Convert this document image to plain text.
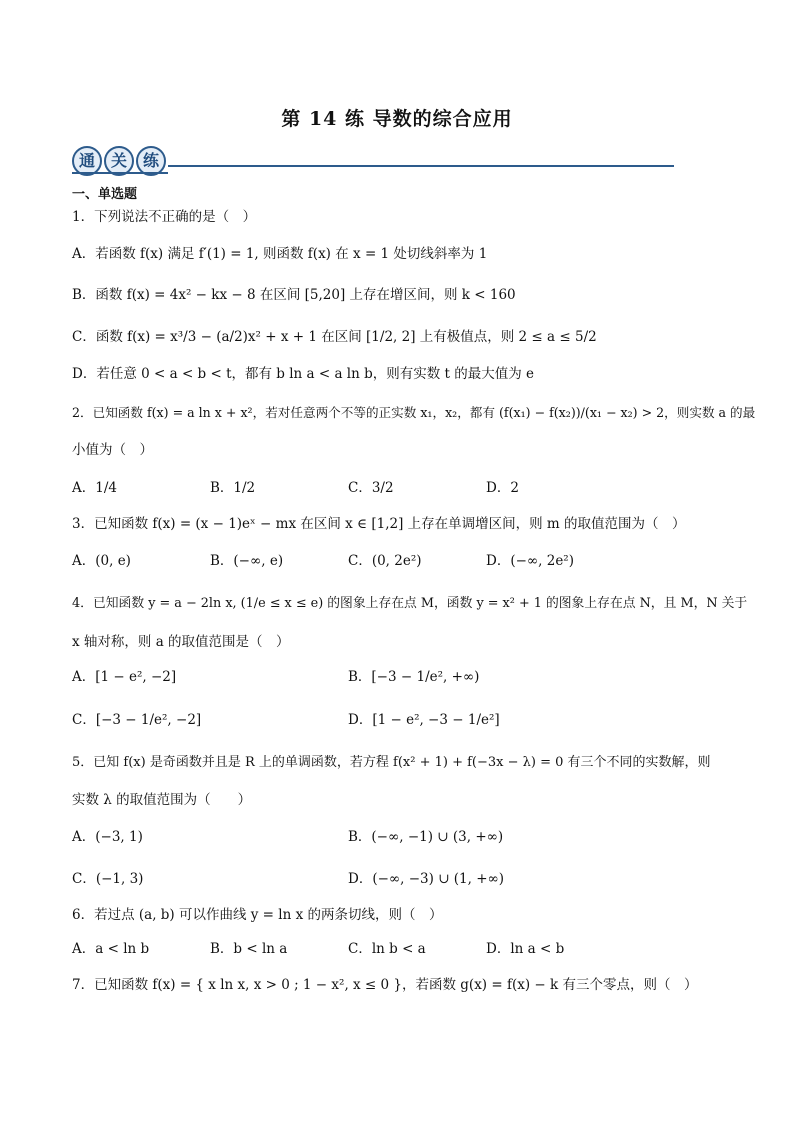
第 14 练 导数的综合应用
通 关 练
一、单选题
1．下列说法不正确的是（　）
A．若函数 f(x) 满足 f′(1) = 1, 则函数 f(x) 在 x = 1 处切线斜率为 1
B．函数 f(x) = 4x² − kx − 8 在区间 [5,20] 上存在增区间，则 k < 160
C．函数 f(x) = x³/3 − (a/2)x² + x + 1 在区间 [1/2, 2] 上有极值点，则 2 ≤ a ≤ 5/2
D．若任意 0 < a < b < t，都有 b ln a < a ln b，则有实数 t 的最大值为 e
2．已知函数 f(x) = a ln x + x²，若对任意两个不等的正实数 x₁，x₂，都有 (f(x₁) − f(x₂))/(x₁ − x₂) > 2，则实数 a 的最
小值为（　）
A．1/4	B．1/2	C．3/2	D．2
3．已知函数 f(x) = (x − 1)eˣ − mx 在区间 x ∈ [1,2] 上存在单调增区间，则 m 的取值范围为（　）
A．(0, e)	B．(−∞, e)	C．(0, 2e²)	D．(−∞, 2e²)
4．已知函数 y = a − 2ln x, (1/e ≤ x ≤ e) 的图象上存在点 M，函数 y = x² + 1 的图象上存在点 N，且 M，N 关于
x 轴对称，则 a 的取值范围是（　）
A．[1 − e², −2]	B．[−3 − 1/e², +∞)
C．[−3 − 1/e², −2]	D．[1 − e², −3 − 1/e²]
5．已知 f(x) 是奇函数并且是 R 上的单调函数，若方程 f(x² + 1) + f(−3x − λ) = 0 有三个不同的实数解，则
实数 λ 的取值范围为（　　）
A．(−3, 1)	B．(−∞, −1) ∪ (3, +∞)
C．(−1, 3)	D．(−∞, −3) ∪ (1, +∞)
6．若过点 (a, b) 可以作曲线 y = ln x 的两条切线，则（　）
A．a < ln b	B．b < ln a	C．ln b < a	D．ln a < b
7．已知函数 f(x) = { x ln x, x > 0 ; 1 − x², x ≤ 0 }，若函数 g(x) = f(x) − k 有三个零点，则（　）
